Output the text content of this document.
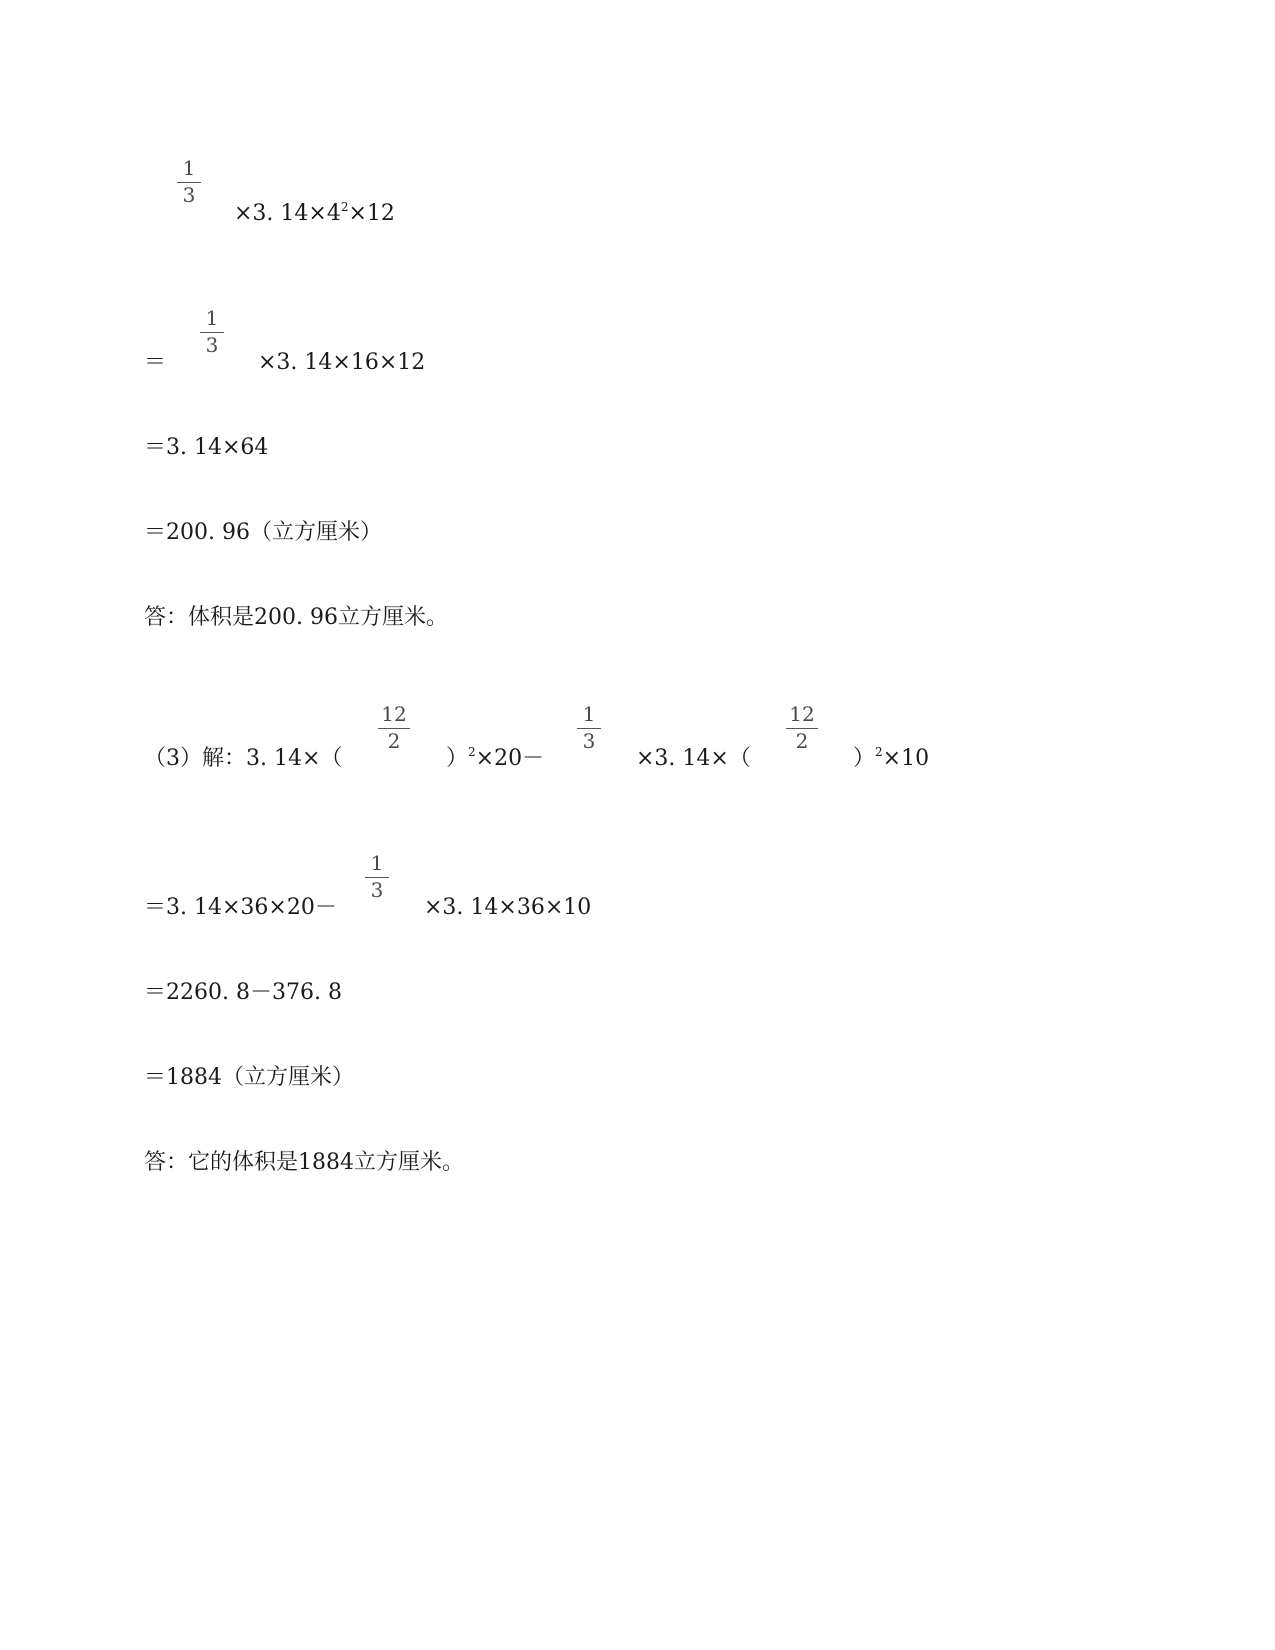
1
3
×3. $14\times 4^2\times 12$
＝
1
3
×3. 14×16×12
＝3. 14×64
＝200. 96（立方厘米）
答：体积是200. 96立方厘米。
（3）解：3. 14×（
12
2
）$^2$×20－
1
3
×3. 14×（
12
2
）$^2$×10
＝3. 14×36×20－
1
3
×3. 14×36×10
＝2260. 8－376. 8
＝1884（立方厘米）
答：它的体积是1884立方厘米。
